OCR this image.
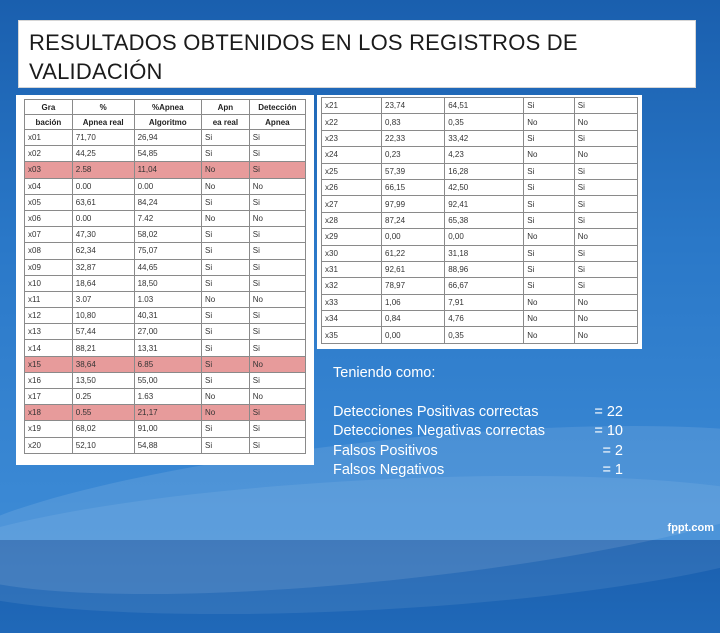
RESULTADOS OBTENIDOS EN LOS REGISTROS DE
VALIDACIÓN
Gra	%	%Apnea	Apn	Detección
bación	Apnea real	Algoritmo	ea real	Apnea
x01	71,70	26,94	Si	Si
x02	44,25	54,85	Si	Si
x03	2.58	11,04	No	Si
x04	0.00	0.00	No	No
x05	63,61	84,24	Si	Si
x06	0.00	7.42	No	No
x07	47,30	58,02	Si	Si
x08	62,34	75,07	Si	Si
x09	32,87	44,65	Si	Si
x10	18,64	18,50	Si	Si
x11	3.07	1.03	No	No
x12	10,80	40,31	Si	Si
x13	57,44	27,00	Si	Si
x14	88,21	13,31	Si	Si
x15	38,64	6.85	Si	No
x16	13,50	55,00	Si	Si
x17	0.25	1.63	No	No
x18	0.55	21,17	No	Si
x19	68,02	91,00	Si	Si
x20	52,10	54,88	Si	Si
x21	23,74	64,51	Si	Si
x22	0,83	0,35	No	No
x23	22,33	33,42	Si	Si
x24	0,23	4,23	No	No
x25	57,39	16,28	Si	Si
x26	66,15	42,50	Si	Si
x27	97,99	92,41	Si	Si
x28	87,24	65,38	Si	Si
x29	0,00	0,00	No	No
x30	61,22	31,18	Si	Si
x31	92,61	88,96	Si	Si
x32	78,97	66,67	Si	Si
x33	1,06	7,91	No	No
x34	0,84	4,76	No	No
x35	0,00	0,35	No	No
Teniendo como:
Detecciones Positivas correctas	= 22
Detecciones Negativas correctas	= 10
Falsos Positivos	= 2
Falsos Negativos	= 1
fppt.com
